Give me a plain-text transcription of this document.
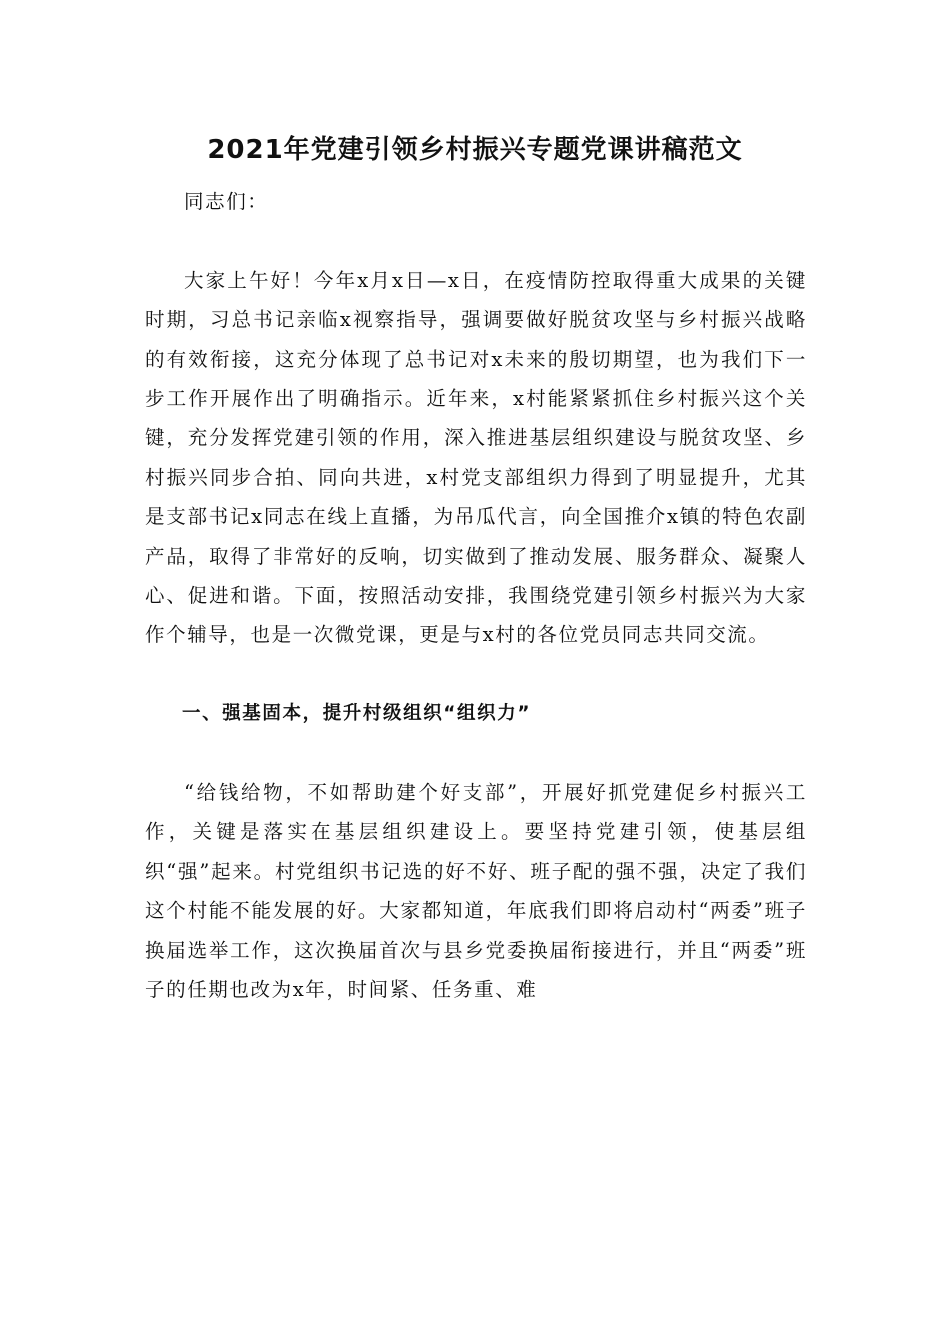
2021年党建引领乡村振兴专题党课讲稿范文

同志们：

大家上午好！今年x月x日—x日，在疫情防控取得重大成果的关键时期，习总书记亲临x视察指导，强调要做好脱贫攻坚与乡村振兴战略的有效衔接，这充分体现了总书记对x未来的殷切期望，也为我们下一步工作开展作出了明确指示。近年来，x村能紧紧抓住乡村振兴这个关键，充分发挥党建引领的作用，深入推进基层组织建设与脱贫攻坚、乡村振兴同步合拍、同向共进，x村党支部组织力得到了明显提升，尤其是支部书记x同志在线上直播，为吊瓜代言，向全国推介x镇的特色农副产品，取得了非常好的反响，切实做到了推动发展、服务群众、凝聚人心、促进和谐。下面，按照活动安排，我围绕党建引领乡村振兴为大家作个辅导，也是一次微党课，更是与x村的各位党员同志共同交流。

一、强基固本，提升村级组织“组织力”

“给钱给物，不如帮助建个好支部”，开展好抓党建促乡村振兴工作，关键是落实在基层组织建设上。要坚持党建引领，使基层组织“强”起来。村党组织书记选的好不好、班子配的强不强，决定了我们这个村能不能发展的好。大家都知道，年底我们即将启动村“两委”班子换届选举工作，这次换届首次与县乡党委换届衔接进行，并且“两委”班子的任期也改为x年，时间紧、任务重、难
